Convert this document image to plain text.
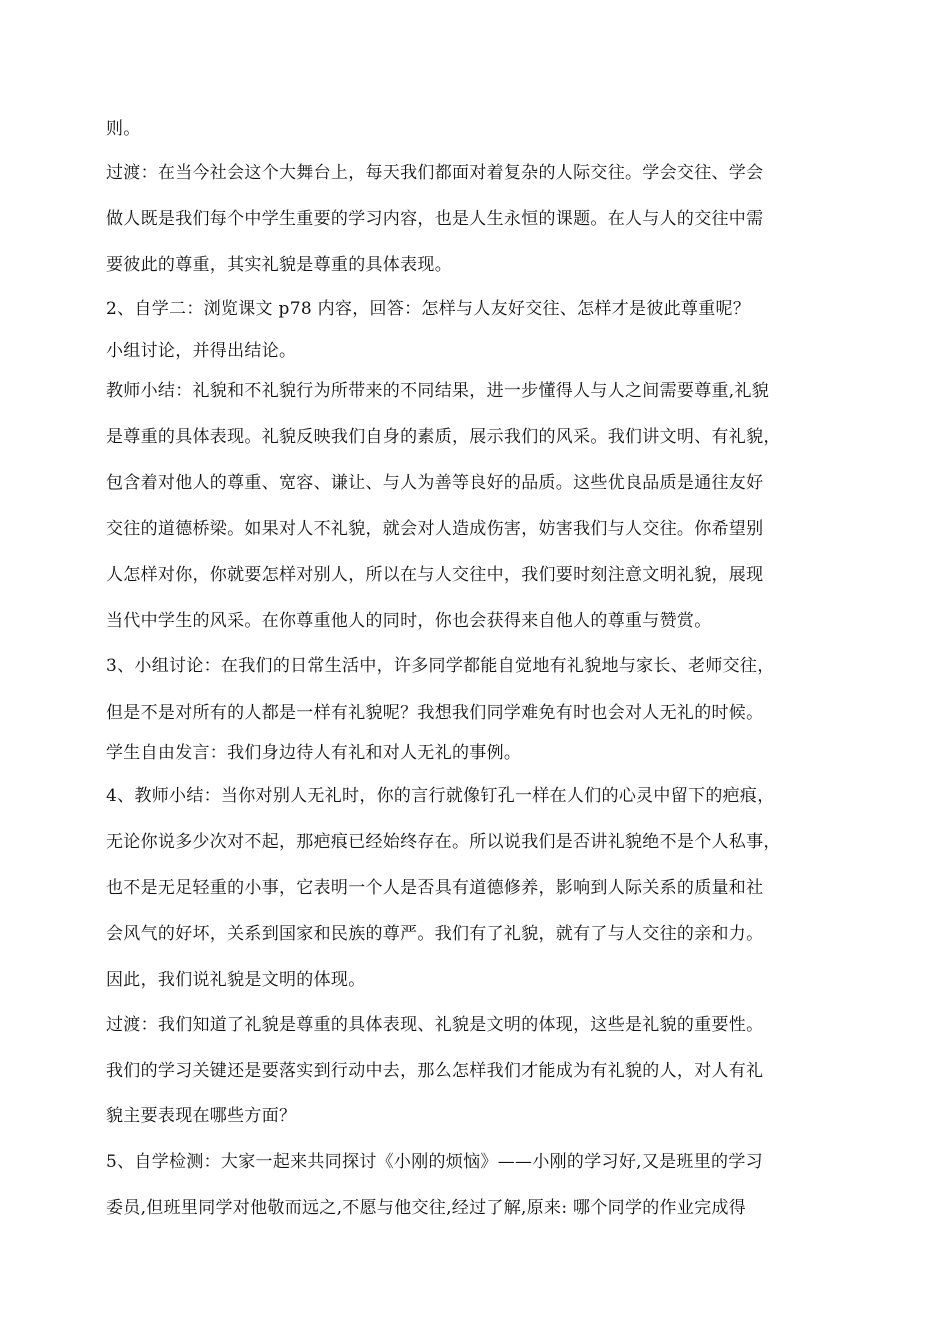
则。
过渡：在当今社会这个大舞台上，每天我们都面对着复杂的人际交往。学会交往、学会
做人既是我们每个中学生重要的学习内容，也是人生永恒的课题。在人与人的交往中需
要彼此的尊重，其实礼貌是尊重的具体表现。
2、自学二：浏览课文 p78 内容，回答：怎样与人友好交往、怎样才是彼此尊重呢？
小组讨论，并得出结论。
教师小结：礼貌和不礼貌行为所带来的不同结果，进一步懂得人与人之间需要尊重,礼貌
是尊重的具体表现。礼貌反映我们自身的素质，展示我们的风采。我们讲文明、有礼貌，
包含着对他人的尊重、宽容、谦让、与人为善等良好的品质。这些优良品质是通往友好
交往的道德桥梁。如果对人不礼貌，就会对人造成伤害，妨害我们与人交往。你希望别
人怎样对你，你就要怎样对别人，所以在与人交往中，我们要时刻注意文明礼貌，展现
当代中学生的风采。在你尊重他人的同时，你也会获得来自他人的尊重与赞赏。
3、小组讨论：在我们的日常生活中，许多同学都能自觉地有礼貌地与家长、老师交往，
但是不是对所有的人都是一样有礼貌呢？我想我们同学难免有时也会对人无礼的时候。
学生自由发言：我们身边待人有礼和对人无礼的事例。
4、教师小结：当你对别人无礼时，你的言行就像钉孔一样在人们的心灵中留下的疤痕，
无论你说多少次对不起，那疤痕已经始终存在。所以说我们是否讲礼貌绝不是个人私事，
也不是无足轻重的小事，它表明一个人是否具有道德修养，影响到人际关系的质量和社
会风气的好坏，关系到国家和民族的尊严。我们有了礼貌，就有了与人交往的亲和力。
因此，我们说礼貌是文明的体现。
过渡：我们知道了礼貌是尊重的具体表现、礼貌是文明的体现，这些是礼貌的重要性。
我们的学习关键还是要落实到行动中去，那么怎样我们才能成为有礼貌的人，对人有礼
貌主要表现在哪些方面？
5、自学检测：大家一起来共同探讨《小刚的烦恼》——小刚的学习好,又是班里的学习
委员,但班里同学对他敬而远之,不愿与他交往,经过了解,原来: 哪个同学的作业完成得
